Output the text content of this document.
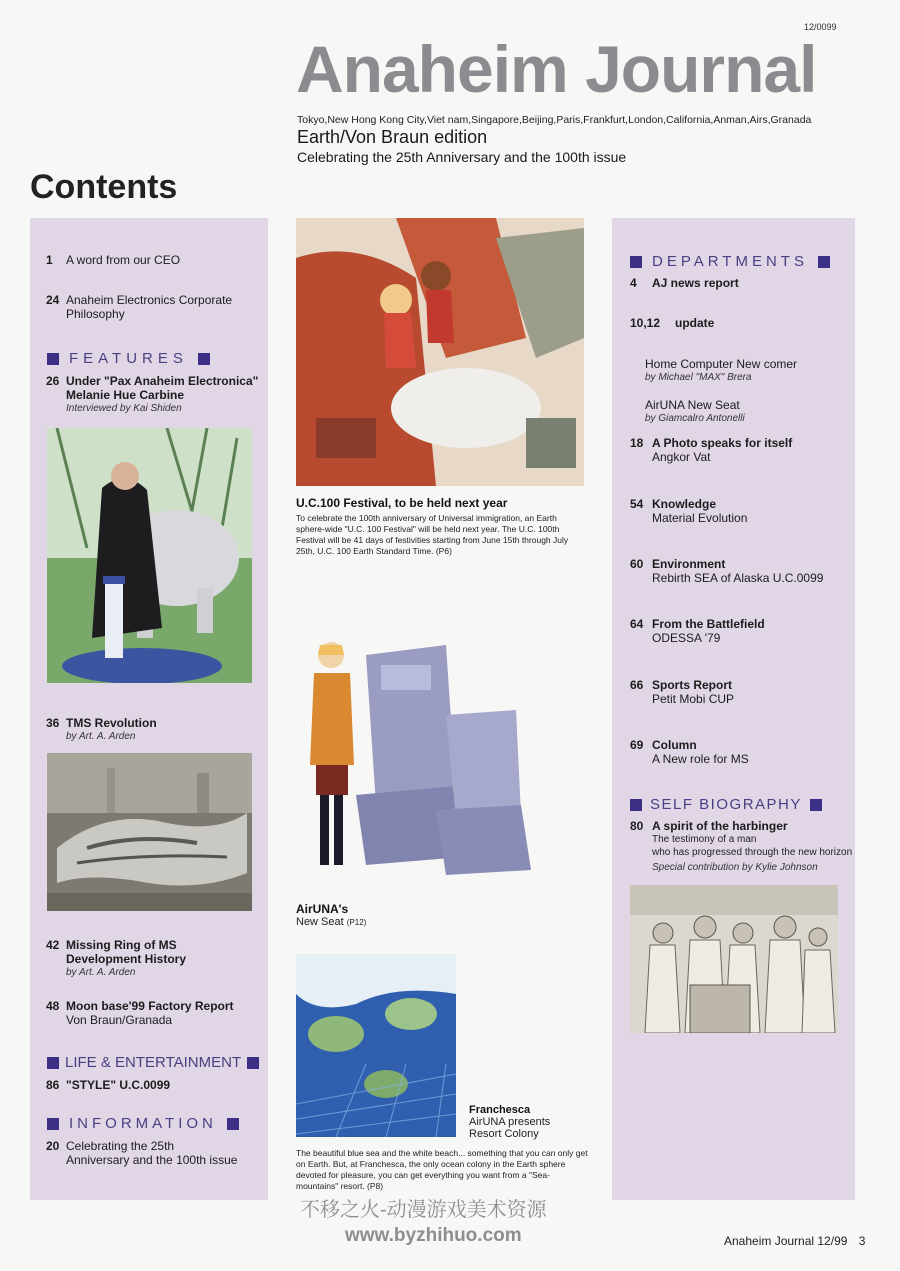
12/0099
Anaheim Journal
Tokyo,New Hong Kong City,Viet nam,Singapore,Beijing,Paris,Frankfurt,London,California,Anman,Airs,Granada
Earth/Von Braun edition
Celebrating the 25th Anniversary and the 100th issue
Contents
1 A word from our CEO
24 Anaheim Electronics Corporate
Philosophy
FEATURES
26 Under "Pax Anaheim Electronica"
Melanie Hue Carbine
Interviewed by Kai Shiden
36 TMS Revolution
by Art. A. Arden
42 Missing Ring of MS
Development History
by Art. A. Arden
48 Moon base'99 Factory Report
Von Braun/Granada
LIFE & ENTERTAINMENT
86 "STYLE" U.C.0099
INFORMATION
20 Celebrating the 25th
Anniversary and the 100th issue
U.C.100 Festival, to be held next year
To celebrate the 100th anniversary of Universal immigration, an Earth sphere-wide "U.C. 100 Festival" will be held next year. The U.C. 100th Festival will be 41 days of festivities starting from June 15th through July 25th, U.C. 100 Earth Standard Time. (P6)
AirUNA's
New Seat (P12)
Franchesca
AirUNA presents
Resort Colony
The beautiful blue sea and the white beach... something that you can only get on Earth. But, at Franchesca, the only ocean colony in the Earth sphere devoted for pleasure, you can get everything you want from a "Sea-mountains" resort. (P8)
DEPARTMENTS
4 AJ news report
10,12 update
Home Computer New comer
by Michael "MAX" Brera
AirUNA New Seat
by Giamcalro Antonelli
18 A Photo speaks for itself
Angkor Vat
54 Knowledge
Material Evolution
60 Environment
Rebirth SEA of Alaska U.C.0099
64 From the Battlefield
ODESSA '79
66 Sports Report
Petit Mobi CUP
69 Column
A New role for MS
SELF BIOGRAPHY
80 A spirit of the harbinger
The testimony of a man
who has progressed through the new horizon
Special contribution by Kylie Johnson
不移之火-动漫游戏美术资源
www.byzhihuo.com	Anaheim Journal 12/99 3
